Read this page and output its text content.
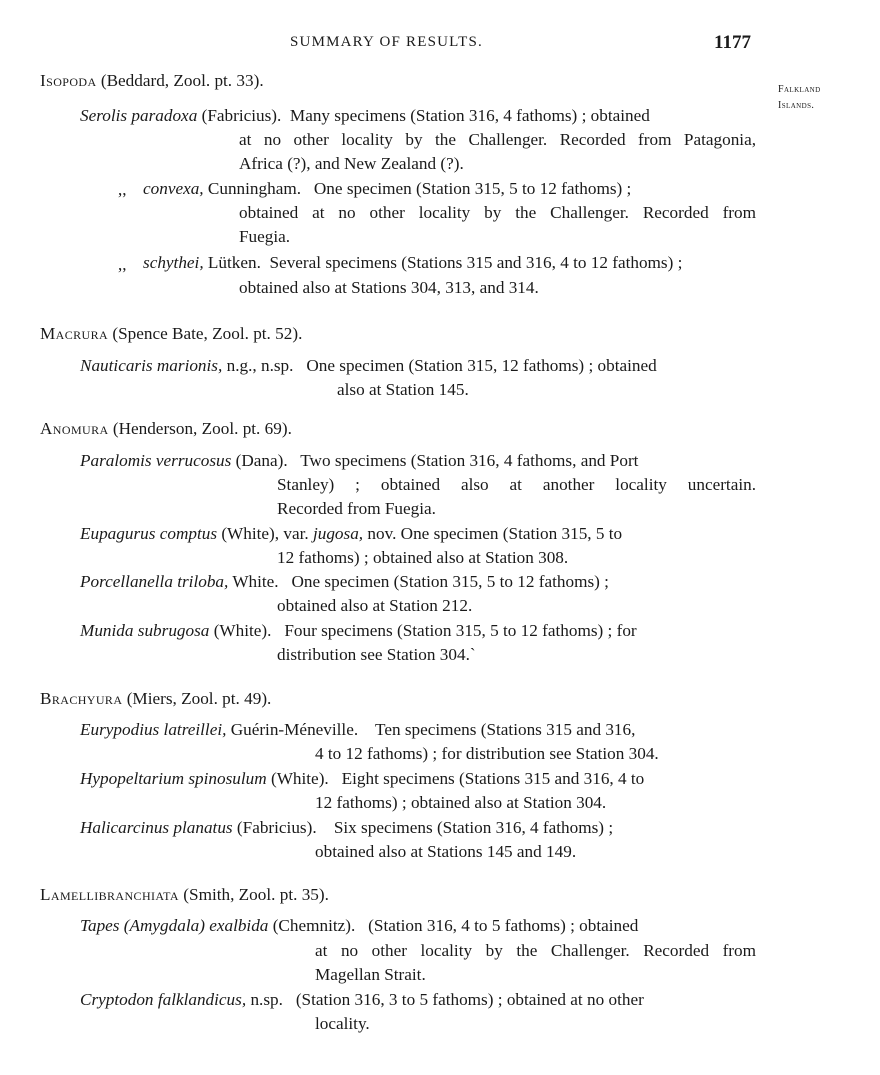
SUMMARY OF RESULTS.	1177
Falkland
Islands.
Isopoda (Beddard, Zool. pt. 33).
Serolis paradoxa (Fabricius). Many specimens (Station 316, 4 fathoms) ; obtained
at no other locality by the Challenger. Recorded from Patagonia,
Africa (?), and New Zealand (?).
,, convexa, Cunningham. One specimen (Station 315, 5 to 12 fathoms) ;
obtained at no other locality by the Challenger. Recorded from
Fuegia.
,, schythei, Lütken. Several specimens (Stations 315 and 316, 4 to 12 fathoms) ;
obtained also at Stations 304, 313, and 314.
Macrura (Spence Bate, Zool. pt. 52).
Nauticaris marionis, n.g., n.sp. One specimen (Station 315, 12 fathoms) ; obtained
also at Station 145.
Anomura (Henderson, Zool. pt. 69).
Paralomis verrucosus (Dana). Two specimens (Station 316, 4 fathoms, and Port
Stanley) ; obtained also at another locality uncertain.
Recorded from Fuegia.
Eupagurus comptus (White), var. jugosa, nov. One specimen (Station 315, 5 to
12 fathoms) ; obtained also at Station 308.
Porcellanella triloba, White. One specimen (Station 315, 5 to 12 fathoms) ;
obtained also at Station 212.
Munida subrugosa (White). Four specimens (Station 315, 5 to 12 fathoms) ; for
distribution see Station 304.`
Brachyura (Miers, Zool. pt. 49).
Eurypodius latreillei, Guérin-Méneville. Ten specimens (Stations 315 and 316,
4 to 12 fathoms) ; for distribution see Station 304.
Hypopeltarium spinosulum (White). Eight specimens (Stations 315 and 316, 4 to
12 fathoms) ; obtained also at Station 304.
Halicarcinus planatus (Fabricius). Six specimens (Station 316, 4 fathoms) ;
obtained also at Stations 145 and 149.
Lamellibranchiata (Smith, Zool. pt. 35).
Tapes (Amygdala) exalbida (Chemnitz). (Station 316, 4 to 5 fathoms) ; obtained
at no other locality by the Challenger. Recorded from
Magellan Strait.
Cryptodon falklandicus, n.sp. (Station 316, 3 to 5 fathoms) ; obtained at no other
locality.
